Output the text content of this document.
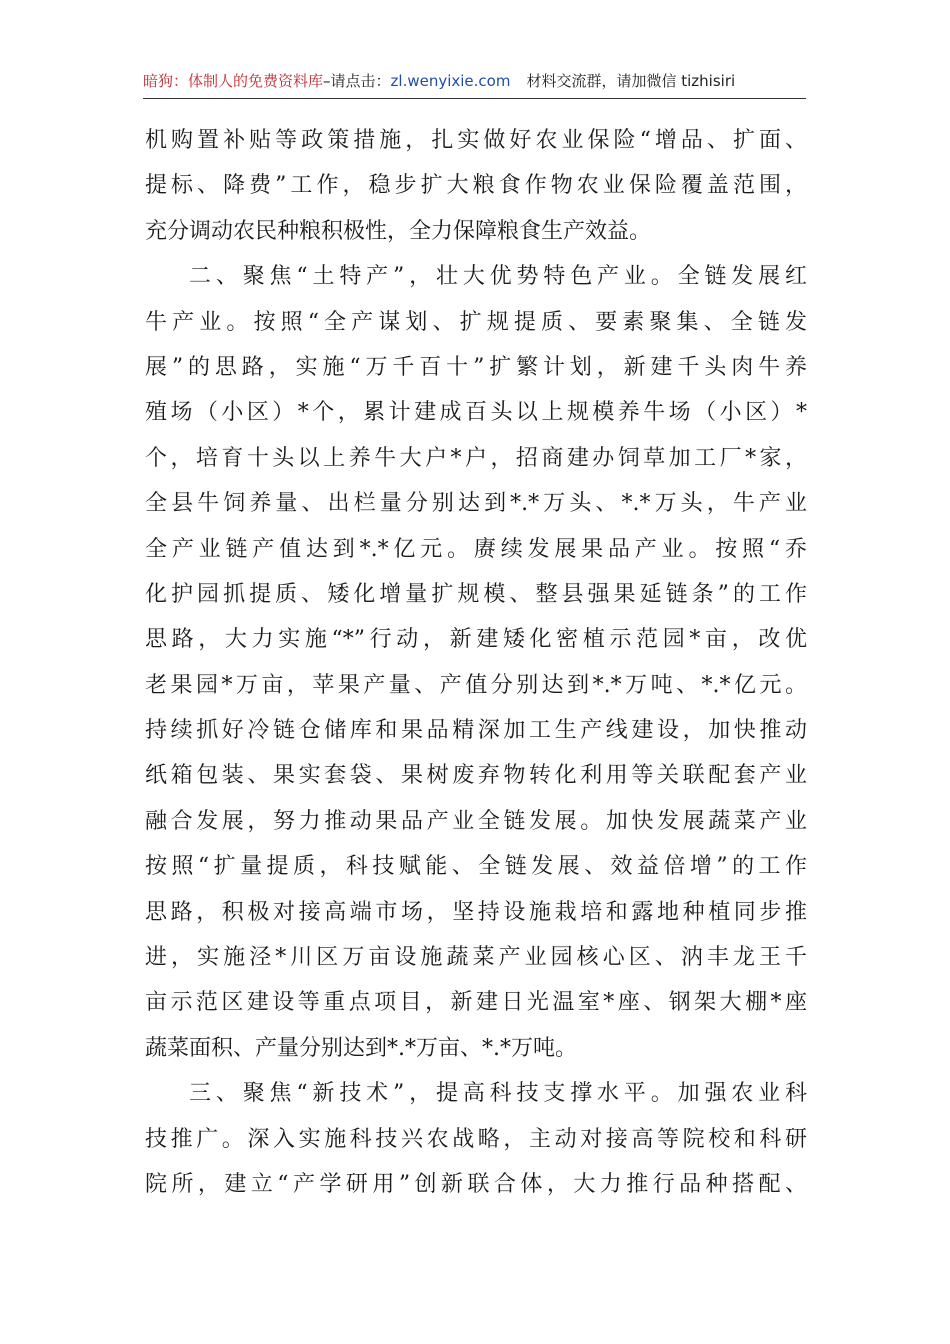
暗狗：体制人的免费资料库–请点击：zl.wenyixie.com 材料交流群，请加微信 tizhisiri
机购置补贴等政策措施，扎实做好农业保险“增品、扩面、
提标、降费”工作，稳步扩大粮食作物农业保险覆盖范围，
充分调动农民种粮积极性，全力保障粮食生产效益。
二、聚焦“土特产”，壮大优势特色产业。全链发展红
牛产业。按照“全产谋划、扩规提质、要素聚集、全链发
展”的思路，实施“万千百十”扩繁计划，新建千头肉牛养
殖场（小区）*个，累计建成百头以上规模养牛场（小区）*
个，培育十头以上养牛大户*户，招商建办饲草加工厂*家，
全县牛饲养量、出栏量分别达到*.*万头、*.*万头，牛产业
全产业链产值达到*.*亿元。赓续发展果品产业。按照“乔
化护园抓提质、矮化增量扩规模、整县强果延链条”的工作
思路，大力实施“*”行动，新建矮化密植示范园*亩，改优
老果园*万亩，苹果产量、产值分别达到*.*万吨、*.*亿元。
持续抓好冷链仓储库和果品精深加工生产线建设，加快推动
纸箱包装、果实套袋、果树废弃物转化利用等关联配套产业
融合发展，努力推动果品产业全链发展。加快发展蔬菜产业
按照“扩量提质，科技赋能、全链发展、效益倍增”的工作
思路，积极对接高端市场，坚持设施栽培和露地种植同步推
进，实施泾*川区万亩设施蔬菜产业园核心区、汭丰龙王千
亩示范区建设等重点项目，新建日光温室*座、钢架大棚*座
蔬菜面积、产量分别达到*.*万亩、*.*万吨。
三、聚焦“新技术”，提高科技支撑水平。加强农业科
技推广。深入实施科技兴农战略，主动对接高等院校和科研
院所，建立“产学研用”创新联合体，大力推行品种搭配、
